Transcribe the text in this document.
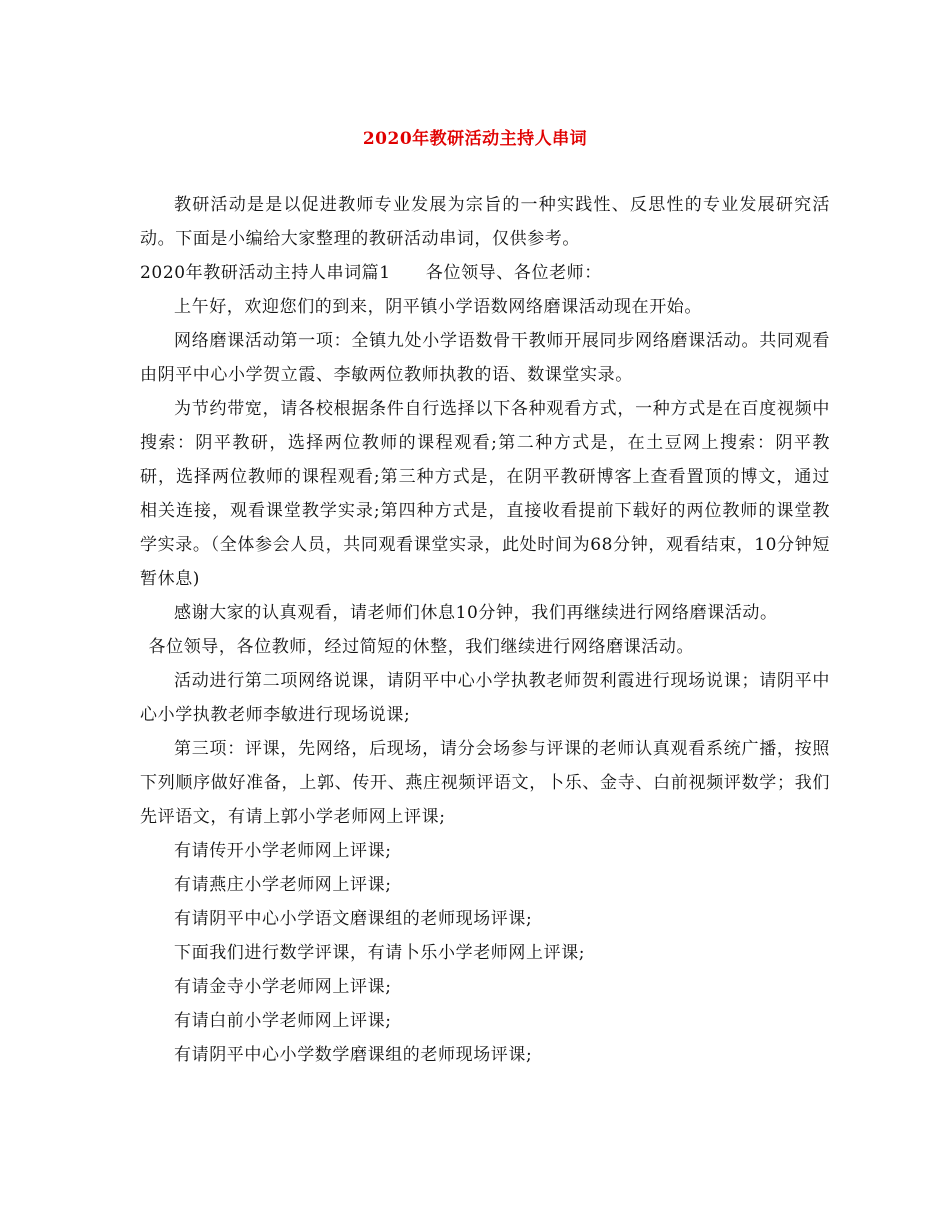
2020年教研活动主持人串词

教研活动是是以促进教师专业发展为宗旨的一种实践性、反思性的专业发展研究活动。下面是小编给大家整理的教研活动串词，仅供参考。

2020年教研活动主持人串词篇1　　各位领导、各位老师：

上午好，欢迎您们的到来，阴平镇小学语数网络磨课活动现在开始。

网络磨课活动第一项：全镇九处小学语数骨干教师开展同步网络磨课活动。共同观看由阴平中心小学贺立霞、李敏两位教师执教的语、数课堂实录。

为节约带宽，请各校根据条件自行选择以下各种观看方式，一种方式是在百度视频中搜索：阴平教研，选择两位教师的课程观看;第二种方式是，在土豆网上搜索：阴平教研，选择两位教师的课程观看;第三种方式是，在阴平教研博客上查看置顶的博文，通过相关连接，观看课堂教学实录;第四种方式是，直接收看提前下载好的两位教师的课堂教学实录。（全体参会人员，共同观看课堂实录，此处时间为68分钟，观看结束，10分钟短暂休息)

感谢大家的认真观看，请老师们休息10分钟，我们再继续进行网络磨课活动。

各位领导，各位教师，经过简短的休整，我们继续进行网络磨课活动。

活动进行第二项网络说课，请阴平中心小学执教老师贺利霞进行现场说课；请阴平中心小学执教老师李敏进行现场说课;

第三项：评课，先网络，后现场，请分会场参与评课的老师认真观看系统广播，按照下列顺序做好准备，上郭、传开、燕庄视频评语文，卜乐、金寺、白前视频评数学；我们先评语文，有请上郭小学老师网上评课;

有请传开小学老师网上评课;

有请燕庄小学老师网上评课;

有请阴平中心小学语文磨课组的老师现场评课;

下面我们进行数学评课，有请卜乐小学老师网上评课;

有请金寺小学老师网上评课;

有请白前小学老师网上评课;

有请阴平中心小学数学磨课组的老师现场评课;
